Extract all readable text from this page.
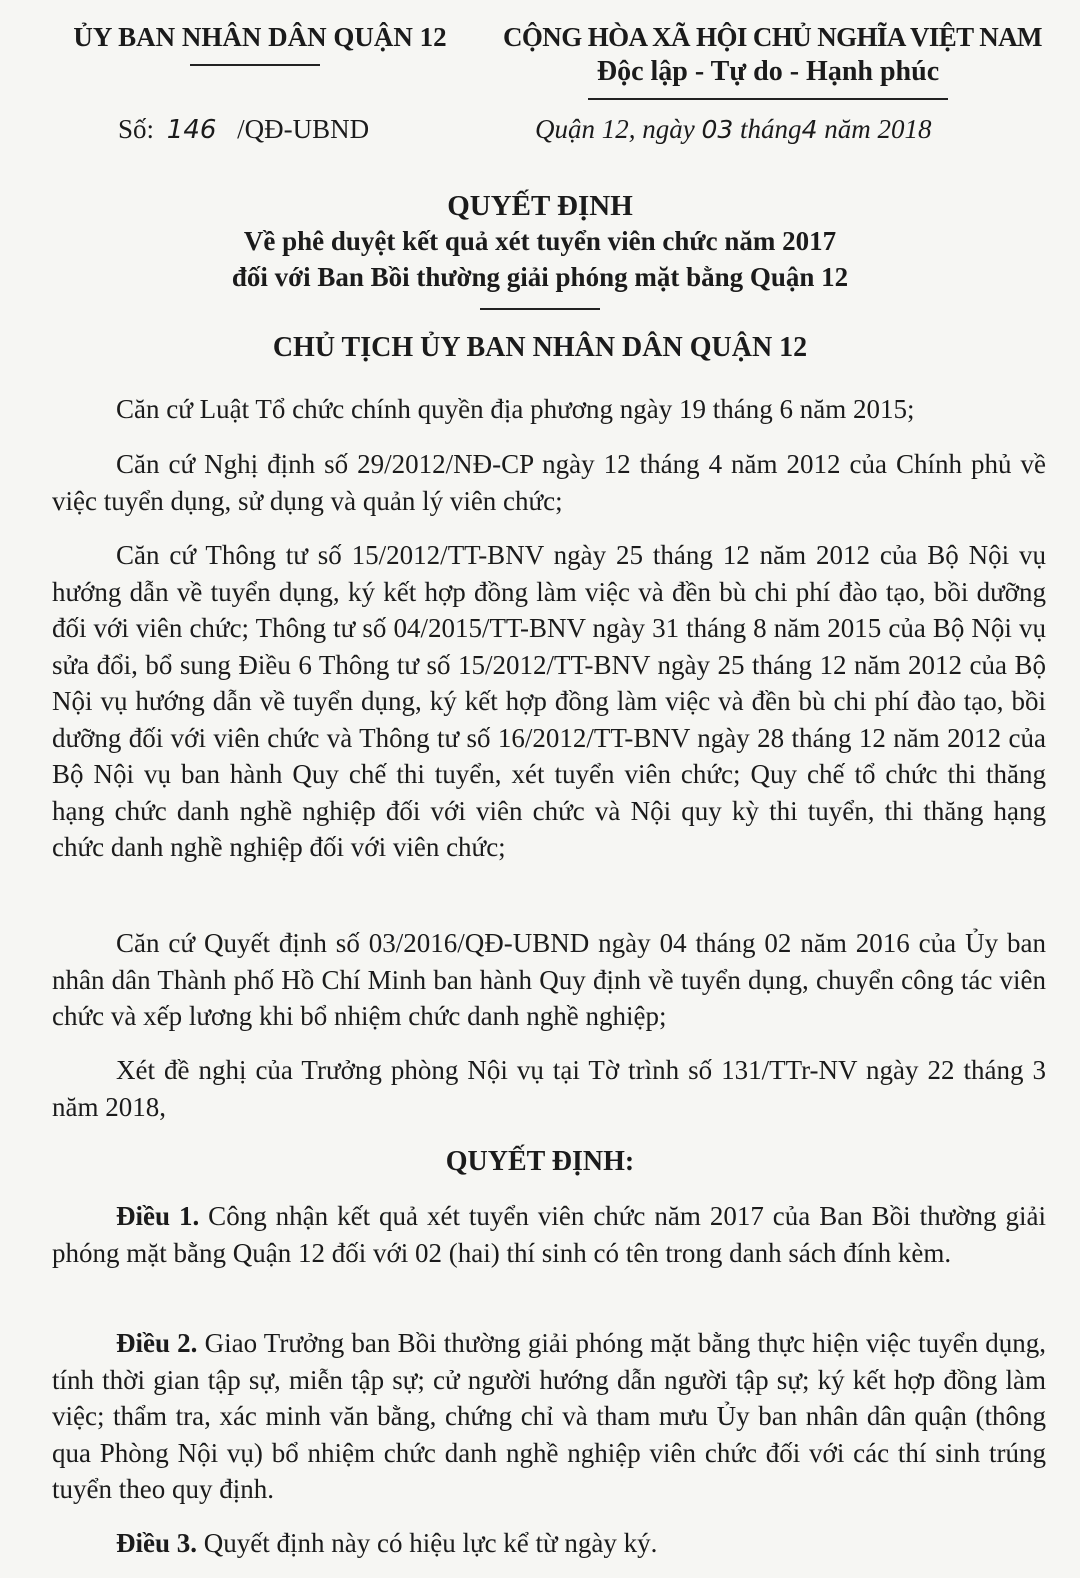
ỦY BAN NHÂN DÂN QUẬN 12	CỘNG HÒA XÃ HỘI CHỦ NGHĨA VIỆT NAM
Độc lập - Tự do - Hạnh phúc
Số: 146 /QĐ-UBND	Quận 12, ngày 03 tháng4 năm 2018
QUYẾT ĐỊNH
Về phê duyệt kết quả xét tuyển viên chức năm 2017
đối với Ban Bồi thường giải phóng mặt bằng Quận 12
CHỦ TỊCH ỦY BAN NHÂN DÂN QUẬN 12
Căn cứ Luật Tổ chức chính quyền địa phương ngày 19 tháng 6 năm 2015;
Căn cứ Nghị định số 29/2012/NĐ-CP ngày 12 tháng 4 năm 2012 của Chính phủ về việc tuyển dụng, sử dụng và quản lý viên chức;
Căn cứ Thông tư số 15/2012/TT-BNV ngày 25 tháng 12 năm 2012 của Bộ Nội vụ hướng dẫn về tuyển dụng, ký kết hợp đồng làm việc và đền bù chi phí đào tạo, bồi dưỡng đối với viên chức; Thông tư số 04/2015/TT-BNV ngày 31 tháng 8 năm 2015 của Bộ Nội vụ sửa đổi, bổ sung Điều 6 Thông tư số 15/2012/TT-BNV ngày 25 tháng 12 năm 2012 của Bộ Nội vụ hướng dẫn về tuyển dụng, ký kết hợp đồng làm việc và đền bù chi phí đào tạo, bồi dưỡng đối với viên chức và Thông tư số 16/2012/TT-BNV ngày 28 tháng 12 năm 2012 của Bộ Nội vụ ban hành Quy chế thi tuyển, xét tuyển viên chức; Quy chế tổ chức thi thăng hạng chức danh nghề nghiệp đối với viên chức và Nội quy kỳ thi tuyển, thi thăng hạng chức danh nghề nghiệp đối với viên chức;
Căn cứ Quyết định số 03/2016/QĐ-UBND ngày 04 tháng 02 năm 2016 của Ủy ban nhân dân Thành phố Hồ Chí Minh ban hành Quy định về tuyển dụng, chuyển công tác viên chức và xếp lương khi bổ nhiệm chức danh nghề nghiệp;
Xét đề nghị của Trưởng phòng Nội vụ tại Tờ trình số 131/TTr-NV ngày 22 tháng 3 năm 2018,
QUYẾT ĐỊNH:
Điều 1. Công nhận kết quả xét tuyển viên chức năm 2017 của Ban Bồi thường giải phóng mặt bằng Quận 12 đối với 02 (hai) thí sinh có tên trong danh sách đính kèm.
Điều 2. Giao Trưởng ban Bồi thường giải phóng mặt bằng thực hiện việc tuyển dụng, tính thời gian tập sự, miễn tập sự; cử người hướng dẫn người tập sự; ký kết hợp đồng làm việc; thẩm tra, xác minh văn bằng, chứng chỉ và tham mưu Ủy ban nhân dân quận (thông qua Phòng Nội vụ) bổ nhiệm chức danh nghề nghiệp viên chức đối với các thí sinh trúng tuyển theo quy định.
Điều 3. Quyết định này có hiệu lực kể từ ngày ký.
